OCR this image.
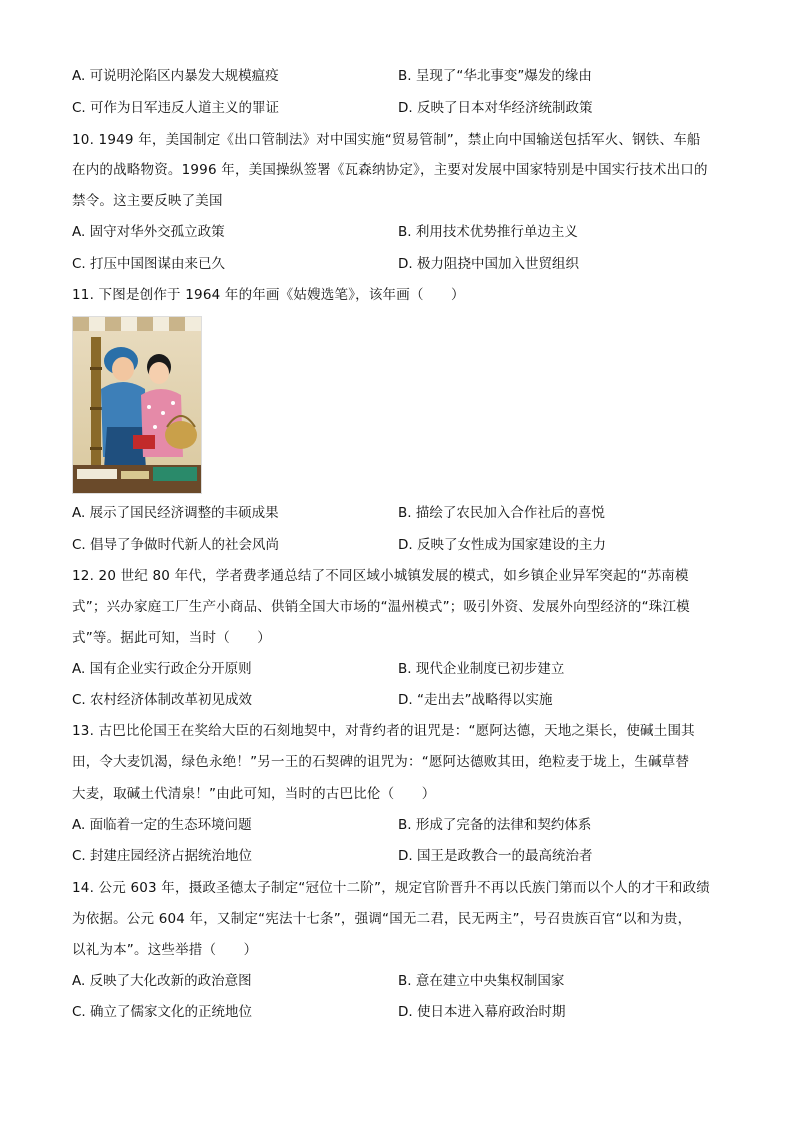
A. 可说明沦陷区内暴发大规模瘟疫	B. 呈现了“华北事变”爆发的缘由
C. 可作为日军违反人道主义的罪证	D. 反映了日本对华经济统制政策
10. 1949 年，美国制定《出口管制法》对中国实施“贸易管制”，禁止向中国输送包括军火、钢铁、车船
在内的战略物资。1996 年，美国操纵签署《瓦森纳协定》，主要对发展中国家特别是中国实行技术出口的
禁令。这主要反映了美国
A. 固守对华外交孤立政策	B. 利用技术优势推行单边主义
C. 打压中国图谋由来已久	D. 极力阻挠中国加入世贸组织
11. 下图是创作于 1964 年的年画《姑嫂选笔》，该年画（　　）
A. 展示了国民经济调整的丰硕成果	B. 描绘了农民加入合作社后的喜悦
C. 倡导了争做时代新人的社会风尚	D. 反映了女性成为国家建设的主力
12. 20 世纪 80 年代，学者费孝通总结了不同区域小城镇发展的模式，如乡镇企业异军突起的“苏南模
式”；兴办家庭工厂生产小商品、供销全国大市场的“温州模式”；吸引外资、发展外向型经济的“珠江模
式”等。据此可知，当时（　　）
A. 国有企业实行政企分开原则	B. 现代企业制度已初步建立
C. 农村经济体制改革初见成效	D. “走出去”战略得以实施
13. 古巴比伦国王在奖给大臣的石刻地契中，对背约者的诅咒是：“愿阿达德，天地之渠长，使碱土围其
田，令大麦饥渴，绿色永绝！”另一王的石契碑的诅咒为：“愿阿达德败其田，绝粒麦于垅上，生碱草替
大麦，取碱土代清泉！”由此可知，当时的古巴比伦（　　）
A. 面临着一定的生态环境问题	B. 形成了完备的法律和契约体系
C. 封建庄园经济占据统治地位	D. 国王是政教合一的最高统治者
14. 公元 603 年，摄政圣德太子制定“冠位十二阶”，规定官阶晋升不再以氏族门第而以个人的才干和政绩
为依据。公元 604 年，又制定“宪法十七条”，强调“国无二君，民无两主”，号召贵族百官“以和为贵，
以礼为本”。这些举措（　　）
A. 反映了大化改新的政治意图	B. 意在建立中央集权制国家
C. 确立了儒家文化的正统地位	D. 使日本进入幕府政治时期
